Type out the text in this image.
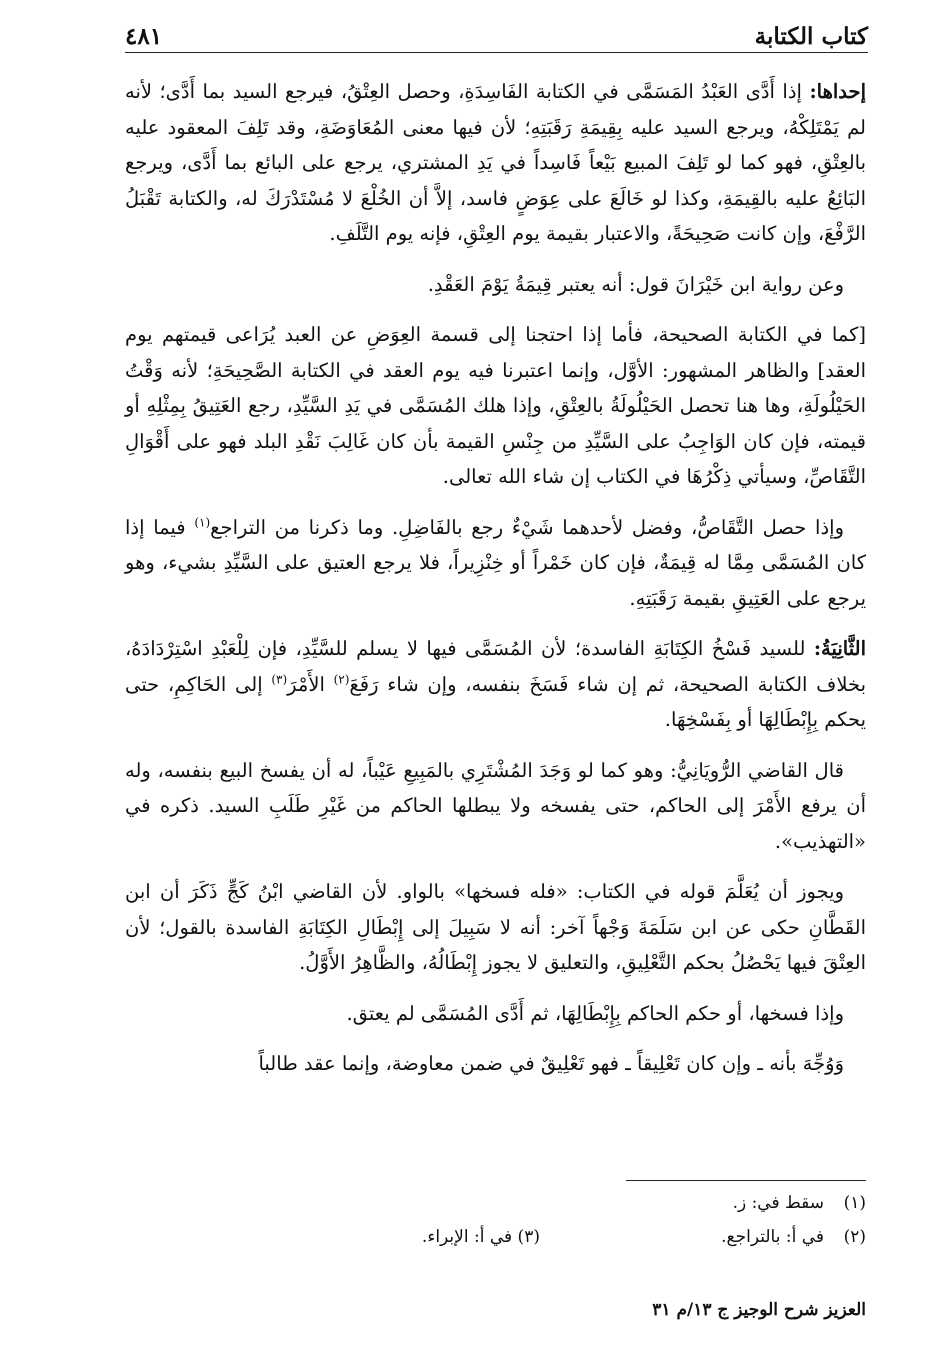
كتاب الكتابة
٤٨١

إحداها: إذا أَدَّى العَبْدُ المَسَمَّى في الكتابة الفَاسِدَةِ، وحصل العِتْقُ، فيرجع السيد بما أَدَّى؛ لأنه لم يَمْتَلِكْهُ، ويرجع السيد عليه بِقِيمَةِ رَقَبَتِهِ؛ لأن فيها معنى المُعَاوَضَةِ، وقد تَلِفَ المعقود عليه بالعِتْقِ، فهو كما لو تَلِفَ المبيع بَيْعاً فَاسِداً في يَدِ المشتري، يرجع على البائع بما أَدَّى، ويرجع البَائِعُ عليه بالقِيمَةِ، وكذا لو خَالَعَ على عِوَضٍ فاسد، إلاَّ أن الخُلْعَ لا مُسْتَدْرَكَ له، والكتابة تَقْبَلُ الرَّفْعَ، وإن كانت صَحِيحَةً، والاعتبار بقيمة يوم العِتْقِ، فإنه يوم التَّلَفِ.

وعن رواية ابن خَيْرَانَ قول: أنه يعتبر قِيمَةُ يَوْمَ العَقْدِ.

[كما في الكتابة الصحيحة، فأما إذا احتجنا إلى قسمة العِوَضِ عن العبد يُرَاعى قيمتهم يوم العقد] والظاهر المشهور: الأوَّل، وإنما اعتبرنا فيه يوم العقد في الكتابة الصَّحِيحَةِ؛ لأنه وَقْتُ الحَيْلُولَةِ، وها هنا تحصل الحَيْلُولَةُ بالعِتْقِ، وإذا هلك المُسَمَّى في يَدِ السَّيِّدِ، رجع العَتِيقُ بِمِثْلِهِ أو قيمته، فإن كان الوَاجِبُ على السَّيِّدِ من جِنْسِ القيمة بأن كان غَالِبَ نَقْدِ البلد فهو على أَقْوَالِ التَّقَاصِّ، وسيأتي ذِكْرُهَا في الكتاب إن شاء الله تعالى.

وإذا حصل التَّقَاصُّ، وفضل لأحدهما شَيْءٌ رجع بالفَاضِلِ. وما ذكرنا من التراجع$^{(١)}$ فيما إذا كان المُسَمَّى مِمَّا له قِيمَةٌ، فإن كان خَمْراً أو خِنْزِيراً، فلا يرجع العتيق على السَّيِّدِ بشيء، وهو يرجع على العَتِيقِ بقيمة رَقَبَتِهِ.

الثَّانِيَةُ: للسيد فَسْخُ الكِتَابَةِ الفاسدة؛ لأن المُسَمَّى فيها لا يسلم للسَّيِّدِ، فإن لِلْعَبْدِ اسْتِرْدَادَهُ، بخلاف الكتابة الصحيحة، ثم إن شاء فَسَخَ بنفسه، وإن شاء رَفَعَ$^{(٢)}$ الأَمْرَ$^{(٣)}$ إلى الحَاكِمِ، حتى يحكم بِإِبْطَالِهَا أو بِفَسْخِهَا.

قال القاضي الرُّويَانِيُّ: وهو كما لو وَجَدَ المُشْتَرِي بالمَبِيعِ عَيْباً، له أن يفسخ البيع بنفسه، وله أن يرفع الأَمْرَ إلى الحاكم، حتى يفسخه ولا يبطلها الحاكم من غَيْرِ طَلَبِ السيد. ذكره في «التهذيب».

ويجوز أن يُعَلَّمَ قوله في الكتاب: «فله فسخها» بالواو. لأن القاضي ابْنُ كَجٍّ ذَكَرَ أن ابن القَطَّانِ حكى عن ابن سَلَمَةَ وَجْهاً آخر: أنه لا سَبِيلَ إلى إِبْطَالِ الكِتَابَةِ الفاسدة بالقول؛ لأن العِتْقَ فيها يَحْصُلُ بحكم التَّعْلِيقِ، والتعليق لا يجوز إِبْطَالُهُ، والظَّاهِرُ الأَوَّلُ.

وإذا فسخها، أو حكم الحاكم بِإِبْطَالِهَا، ثم أَدَّى المُسَمَّى لم يعتق.

وَوُجِّهَ بأنه ـ وإن كان تَعْلِيقاً ـ فهو تَعْلِيقٌ في ضمن معاوضة، وإنما عقد طالباً

(١)سقط في: ز.
(٢)في أ: بالتراجع.
(٣) في أ: الإبراء.
العزيز شرح الوجيز ج ١٣/م ٣١
